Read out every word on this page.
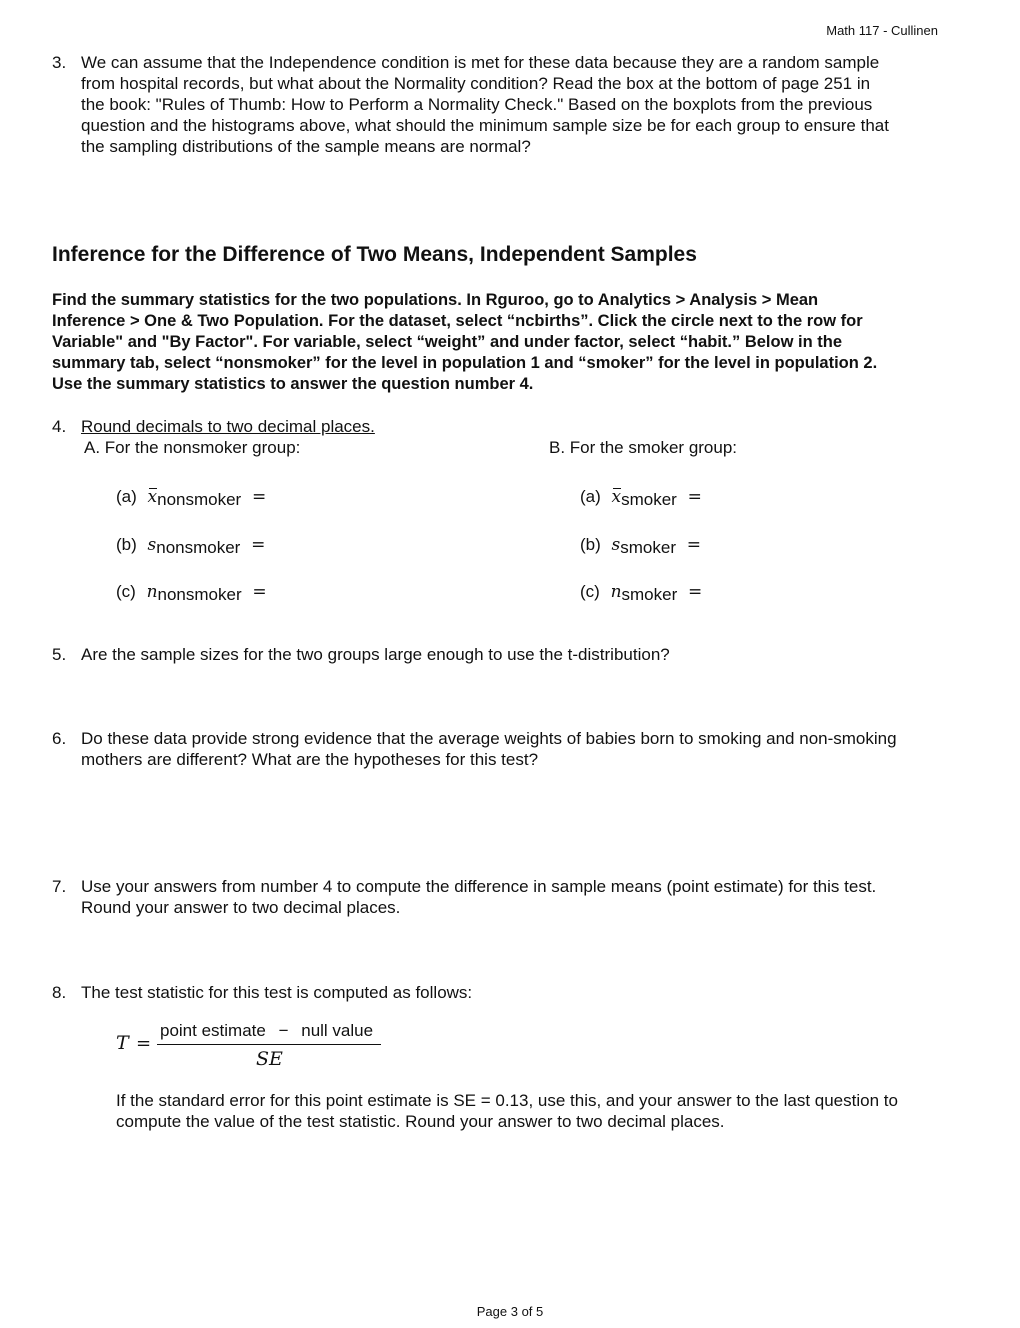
Math 117 - Cullinen
3. We can assume that the Independence condition is met for these data because they are a random sample
from hospital records, but what about the Normality condition? Read the box at the bottom of page 251 in
the book: "Rules of Thumb: How to Perform a Normality Check." Based on the boxplots from the previous
question and the histograms above, what should the minimum sample size be for each group to ensure that
the sampling distributions of the sample means are normal?
Inference for the Difference of Two Means, Independent Samples
Find the summary statistics for the two populations. In Rguroo, go to Analytics > Analysis > Mean
Inference > One & Two Population. For the dataset, select “ncbirths”. Click the circle next to the row for
Variable" and "By Factor". For variable, select “weight” and under factor, select “habit.” Below in the
summary tab, select “nonsmoker” for the level in population 1 and “smoker” for the level in population 2.
Use the summary statistics to answer the question number 4.
4. Round decimals to two decimal places.
A. For the nonsmoker group:	B. For the smoker group:
(a) xnonsmoker =
(b) snonsmoker =
(c) nnonsmoker =
(a) xsmoker =
(b) ssmoker =
(c) nsmoker =
5. Are the sample sizes for the two groups large enough to use the t-distribution?
6. Do these data provide strong evidence that the average weights of babies born to smoking and non-smoking
mothers are different? What are the hypotheses for this test?
7. Use your answers from number 4 to compute the difference in sample means (point estimate) for this test.
Round your answer to two decimal places.
8. The test statistic for this test is computed as follows:
T =
point estimate − null value
SE
If the standard error for this point estimate is SE = 0.13, use this, and your answer to the last question to
compute the value of the test statistic. Round your answer to two decimal places.
Page 3 of 5
